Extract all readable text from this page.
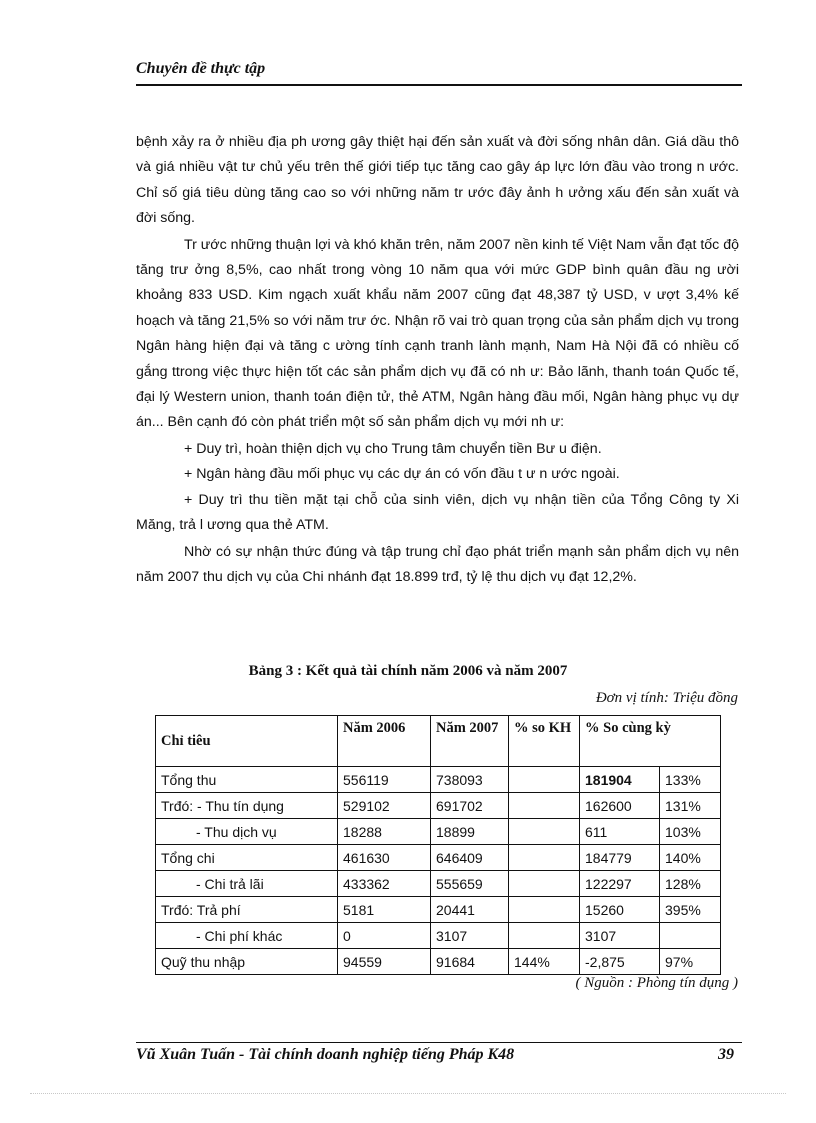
Chuyên đề thực tập

bệnh xảy ra ở nhiều địa ph ương gây thiệt hại đến sản xuất và đời sống nhân dân. Giá dầu thô và giá nhiều vật tư chủ yếu trên thế giới tiếp tục tăng cao gây áp lực lớn đầu vào trong n ước. Chỉ số giá tiêu dùng tăng cao so với những năm tr ước đây ảnh h ưởng xấu đến sản xuất và đời sống.

Tr ước những thuận lợi và khó khăn trên, năm 2007 nền kinh tế Việt Nam vẫn đạt tốc độ tăng trư ởng 8,5%, cao nhất trong vòng 10 năm qua với mức GDP bình quân đầu ng ười khoảng 833 USD. Kim ngạch xuất khẩu năm 2007 cũng đạt 48,387 tỷ USD, v ượt 3,4% kế hoạch và tăng 21,5% so với năm trư ớc. Nhận rõ vai trò quan trọng của sản phẩm dịch vụ trong Ngân hàng hiện đại và tăng c ường tính cạnh tranh lành mạnh, Nam Hà Nội đã có nhiều cố gắng ttrong việc thực hiện tốt các sản phẩm dịch vụ đã có nh ư: Bảo lãnh, thanh toán Quốc tế, đại lý Western union, thanh toán điện tử, thẻ ATM, Ngân hàng đầu mối, Ngân hàng phục vụ dự án... Bên cạnh đó còn phát triển một số sản phẩm dịch vụ mới nh ư:

+ Duy trì, hoàn thiện dịch vụ cho Trung tâm chuyển tiền Bư u điện.

+ Ngân hàng đầu mối phục vụ các dự án có vốn đầu t ư n ước ngoài.

+ Duy trì thu tiền mặt tại chỗ của sinh viên, dịch vụ nhận tiền của Tổng Công ty Xi Măng, trả l ương qua thẻ ATM.

Nhờ có sự nhận thức đúng và tập trung chỉ đạo phát triển mạnh sản phẩm dịch vụ nên năm 2007 thu dịch vụ của Chi nhánh đạt 18.899 trđ, tỷ lệ thu dịch vụ đạt 12,2%.

Bảng 3 : Kết quả tài chính năm 2006 và năm 2007
Đơn vị tính: Triệu đồng
Chỉ tiêu	Năm 2006	Năm 2007	% so KH	% So cùng kỳ	
Tổng thu	556119	738093		181904	133%
Trđó: - Thu tín dụng	529102	691702		162600	131%
- Thu dịch vụ	18288	18899		611	103%
Tổng chi	461630	646409		184779	140%
- Chi trả lãi	433362	555659		122297	128%
Trđó: Trả phí	5181	20441		15260	395%
- Chi phí khác	0	3107		3107	
Quỹ thu nhập	94559	91684	144%	-2,875	97%
( Nguồn : Phòng tín dụng )
Vũ Xuân Tuấn - Tài chính doanh nghiệp tiếng Pháp K48	39
